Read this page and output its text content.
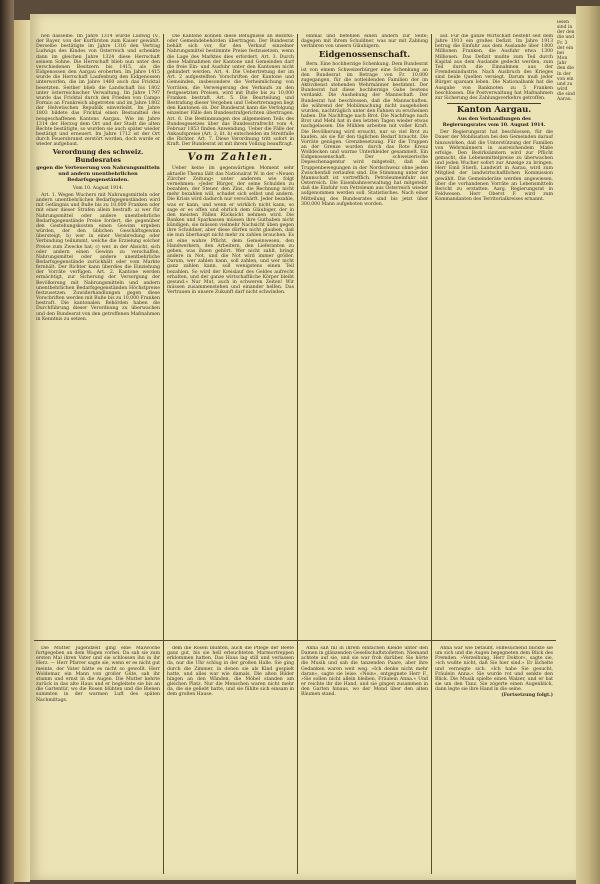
nen dasselbe. Im Jahre 1314 wurde Ludwig IV., der Bayer, von der Kurfürsten zum Kaiser gewählt. Derselbe bestätigte im Jahre 1316 den Vertrag Ludwigs des Kindes von Österreich und schenkte dann im gleichen Jahre 1324 diese Herrschaft seinem Sohne. Die Herrschaft blieb nun unter den verschiedenen Besitzern bis 1415, als die Eidgenossen den Aargau eroberten. Im Jahre 1415 wurde die Herrschaft Laufenburg den Eidgenossen unterworfen, die im Jahre 1460 auch das Fricktal besetzten. Seither blieb die Landschaft bis 1802 unter österreichischer Verwaltung. Im Jahre 1797 wurde das Fricktal durch den Frieden von Campo Formio an Frankreich abgetreten und im Jahre 1802 der Helvetischen Republik einverleibt. Im Jahre 1803 bildete das Fricktal einen Bestandteil des neugeschaffenen Kantons Aargau. Wie im Jahre 1314 der Herzog dem Ort und der Stadt die alten Rechte bestätigte, so wurden sie auch später wieder bestätigt und erneuert. Im Jahre 1712 ist der Ort durch Feuersbrunst zerstört worden, doch wurde er wieder aufgebaut.

Verordnung des schweiz. Bundesrates
gegen die Verteuerung von Nahrungsmitteln und andern unentbehrlichen Bedarfsgegenständen.
Vom 10. August 1914.

Art. 1. Wegen Wuchers mit Nahrungsmitteln oder andern unentbehrlichen Bedarfsgegenständen wird mit Gefängnis und Buße bis zu 10,000 Franken oder mit einer dieser Strafen allein bestraft: a) wer für Nahrungsmittel oder andere unentbehrliche Bedarfsgegenstände Preise fordert, die gegenüber den Gestehungskosten einen Gewinn ergeben würden, der den üblichen Geschäftsgewinn übersteigt; b) wer in einer Verabredung oder Verbindung teilnimmt, welche die Erzielung solcher Preise zum Zwecke hat; c) wer, in der Absicht, sich oder andern einen Gewinn zu verschaffen, Nahrungsmittel oder andere unentbehrliche Bedarfsgegenstände zurückhält oder vom Markte fernhält. Der Richter kann überdies die Einziehung der Vorräte verfügen. Art. 2. Kantone werden ermächtigt, zur Sicherung der Versorgung der Bevölkerung mit Nahrungsmitteln und andern unentbehrlichen Bedarfsgegenständen Höchstpreise festzusetzen. Zuwiderhandlungen gegen diese Vorschriften werden mit Buße bis zu 10,000 Franken bestraft. Die kantonalen Behörden haben die Durchführung dieser Verordnung zu überwachen und den Bundesrat von den getroffenen Maßnahmen in Kenntnis zu setzen.

Die Kantone können diese Befugnisse an Bezirks- oder Gemeindebehörden übertragen. Der Bundesrat behält sich vor, für den Verkauf einzelner Nahrungsmittel bestimmte Preise festzusetzen, wenn die Lage des Marktes dies erfordert. Art. 3. Durch diese Maßnahmen der Kantone und Gemeinden darf die freie Ein- und Ausfuhr unter den Kantonen nicht gehindert werden. Art. 4. Die Uebertretung der im Art. 2 aufgestellten Vorschriften der Kantone und Gemeinden, insbesondere die Verheimlichung von Vorräten, die Verweigerung des Verkaufs zu den festgesetzten Preisen, wird mit Buße bis zu 10,000 Franken bestraft. Art. 5. Die Beurteilung und Bestrafung dieser Vergehen und Uebertretungen liegt den Kantonen ob. Der Bundesrat kann die Verfolgung einzelner Fälle den Bundesstrafgerichten übertragen. Art. 6. Die Bestimmungen des allgemeinen Teils des Bundesgesetzes über das Bundesstrafrecht vom 4. Februar 1853 finden Anwendung. Ueber die Fälle der Ankaufspreise (Art. 2, lit. b) entscheiden im Streitfalle die Richter. Art. 7. Diese Verordnung tritt sofort in Kraft. Der Bundesrat ist mit ihrem Vollzug beauftragt.

Vom Zahlen.

Ueber keine im gegenwärtigen Moment sehr aktuelle Thema läßt das Nationalrat W. in der »Neuen Zürcher Zeitung« unter anderem wie folgt vernehmen: »Jeder Bürger, der seine Schulden zu bezahlen, der Steuer, den Zins, die Rechnung nicht mehr bezahlen will, schadet sich selbst und andern. Die Krisis wird dadurch nur verschärft. Jeder bezahle, was er kann, und wenn er wirklich nicht kann, so sage er es offen und ehrlich dem Gläubiger, der in den meisten Fällen Rücksicht nehmen wird. Die Banken und Sparkassen müssen ihre Guthaben nicht kündigen, sie müssen vielmehr Nachsicht üben gegen ihre Schuldner, aber diese dürfen nicht glauben, daß sie nun überhaupt nicht mehr zu zahlen brauchen. Es ist eine wahre Pflicht, dem Gemeinwesen, den Handwerkern, den Arbeitern, den Lieferanten zu geben, was ihnen gehört. Wer nicht zahlt, bringt andere in Not, und die Not wird immer größer. Darum, wer zahlen kann, soll zahlen, und wer nicht ganz zahlen kann, soll wenigstens einen Teil bezahlen. So wird der Kreislauf des Geldes aufrecht erhalten, und der ganze wirtschaftliche Körper bleibt gesund.« Nur Mut, auch in schweren Zeiten! Wir müssen zusammenstehen und einander helfen. Das Vertrauen in unsere Zukunft darf nicht schwinden.

einmal und befehlen einen andern zur Seite; dagegen mit ihrem Schuldner, was nur mit Zahlung verfahren von unsern Gläubigern.

Eidgenossenschaft.

Bern. Eine hochherzige Schenkung. Dem Bundesrat ist von einem Schweizerbürger eine Schenkung an den Bundesrat im Betrage von Fr. 10,000 zugegangen, für die notleidenden Familien der im Aktivdienst stehenden Wehrmänner bestimmt. Der Bundesrat hat diese hochherzige Gabe bestens verdankt. Die Aushebung der Mannschaft. Der Bundesrat hat beschlossen, daß die Mannschaften, die während der Mobilmachung nicht ausgehoben wurden, nachträglich unter den Fahnen zu erscheinen haben. Die Nachfrage nach Brot. Die Nachfrage nach Brot und Mehl hat in den letzten Tagen wieder etwas nachgelassen. Die Mühlen arbeiten mit voller Kraft. Die Bevölkerung wird ersucht, nur so viel Brot zu kaufen, als sie für den täglichen Bedarf braucht. Die Vorräte genügen. Grenzbesetzung. Für die Truppen an der Grenze wurden durch das Rote Kreuz Wolldecken und warme Unterkleider gesammelt. Ein Eidgenossenschaft. Der schweizerische Depeschenagentur wird mitgeteilt, daß die Truppenbewegungen in der Nordschweiz ohne jeden Zwischenfall verlaufen sind. Die Stimmung unter der Mannschaft ist vortrefflich. Petroleumeinfuhr aus Österreich. Die Eisenbahnverwaltung hat mitgeteilt, daß die Einfuhr von Petroleum aus Österreich wieder aufgenommen werden soll. Statistisches. Nach einer Mitteilung des Bundesrates sind bis jetzt über 300,000 Mann aufgeboten worden.

auf. Für die ganze Wirtschaft besteht seit dem Jahre 1913 ein großes Defizit. Im Jahre 1913 betrug die Einfuhr aus dem Auslande über 1800 Millionen Franken, die Ausfuhr etwa 1300 Millionen. Das Defizit mußte zum Teil durch Kapital aus dem Auslande gedeckt werden, zum Teil durch die Einnahmen aus der Fremdenindustrie. Nach Ausbruch des Krieges sind beide Quellen versiegt. Darum muß jeder Bürger sparsam leben. Die Nationalbank hat die Ausgabe von Banknoten zu 5 Franken beschlossen. Die Postverwaltung hat Maßnahmen zur Sicherung des Zahlungsverkehrs getroffen.

Kanton Aargau.
Aus den Verhandlungen des Regierungsrates vom 10. August 1914.

Der Regierungsrat hat beschlossen, für die Dauer der Mobilisation bei den Gemeinden darauf hinzuwirken, daß die Unterstützung der Familien von Wehrmännern in ausreichendem Maße erfolge. Den Bezirksämtern wird zur Pflicht gemacht, die Lebensmittelpreise zu überwachen und jeden Wucher sofort zur Anzeige zu bringen. Herr Emil Stierli, Landwirt in Aarau, wird zum Mitglied der landwirtschaftlichen Kommission gewählt. Die Gemeinderäte werden angewiesen, über die vorhandenen Vorräte an Lebensmitteln Bericht zu erstatten. Aarg. Regierungsrat in Feldwesen. Herr Oberst F. wird zum Kommandanten des Territorialkreises ernannt.

Die Mutter Jugendzeit ging eine Maiwoche fortgegeben an dem Wagen vorbei. Da sah sie zum ersten Mal ihren Vater und sie schlossen ihn in ihr Herz. — Herr Pfarrer sagte sie, wenn er es nicht gut meinte, der Vater hätte es nicht so gewollt. Herr Woldemar, ein Mann von großer Güte, sah ihr stumm und ernst in die Augen. Die Mutter kehrte zurück in das alte Haus und er begleitete sie bis an die Gartentür, wo die Rosen blühten und die Bienen summten in der warmen Luft des späten Nachmittags.

dem die Rosen blühten, auch die Pflege der Beete ganz gut, bis sie hell erleuchteten Marmortreppen erklommen hatten. Das Haus lag still und verlassen da, nur die Uhr schlug in der großen Halle. Sie ging durch die Zimmer, in denen sie als Kind gespielt hatte, und alles war wie damals. Die alten Bilder hingen an den Wänden, die Möbel standen am gleichen Platz. Nur die Menschen waren nicht mehr da, die sie geliebt hatte, und sie fühlte sich einsam in dem großen Hause.

Anna saß fill in ihrem einfachen Kleide unter den Damen in glänzenden Gesellschaftstoiletten. Niemand achtete auf sie, und sie war froh darüber. Sie hörte die Musik und sah die tanzenden Paare, aber ihre Gedanken waren weit weg. »Ich denke nicht mehr daran«, sagte sie leise. »Nein«, entgegnete Herr F., »Sie sollen nicht allein bleiben, Fräulein Anna.« Und er reichte ihr die Hand, und sie gingen zusammen in den Garten hinaus, wo der Mond über den alten Bäumen stand.

Anna war wie betäubt. Hilfesuchend blickte sie um sich und die Augen begegneten dem Blick des Fremden. »Verzeihung, Herr Doktor«, sagte sie, »ich wußte nicht, daß Sie hier sind.« Er lächelte und verneigte sich. »Ich habe Sie gesucht, Fräulein Anna.« Sie wurde rot und senkte den Blick. Die Musik spielte einen Walzer, und er bat sie um den Tanz. Sie zögerte einen Augenblick, dann legte sie ihre Hand in die seine.

(Fortsetzung folgt.)
lesen sind in der den die und Fr. 3 der ein bei Mon Jahr den die In der von ein und zu wird die sind Aarau.
